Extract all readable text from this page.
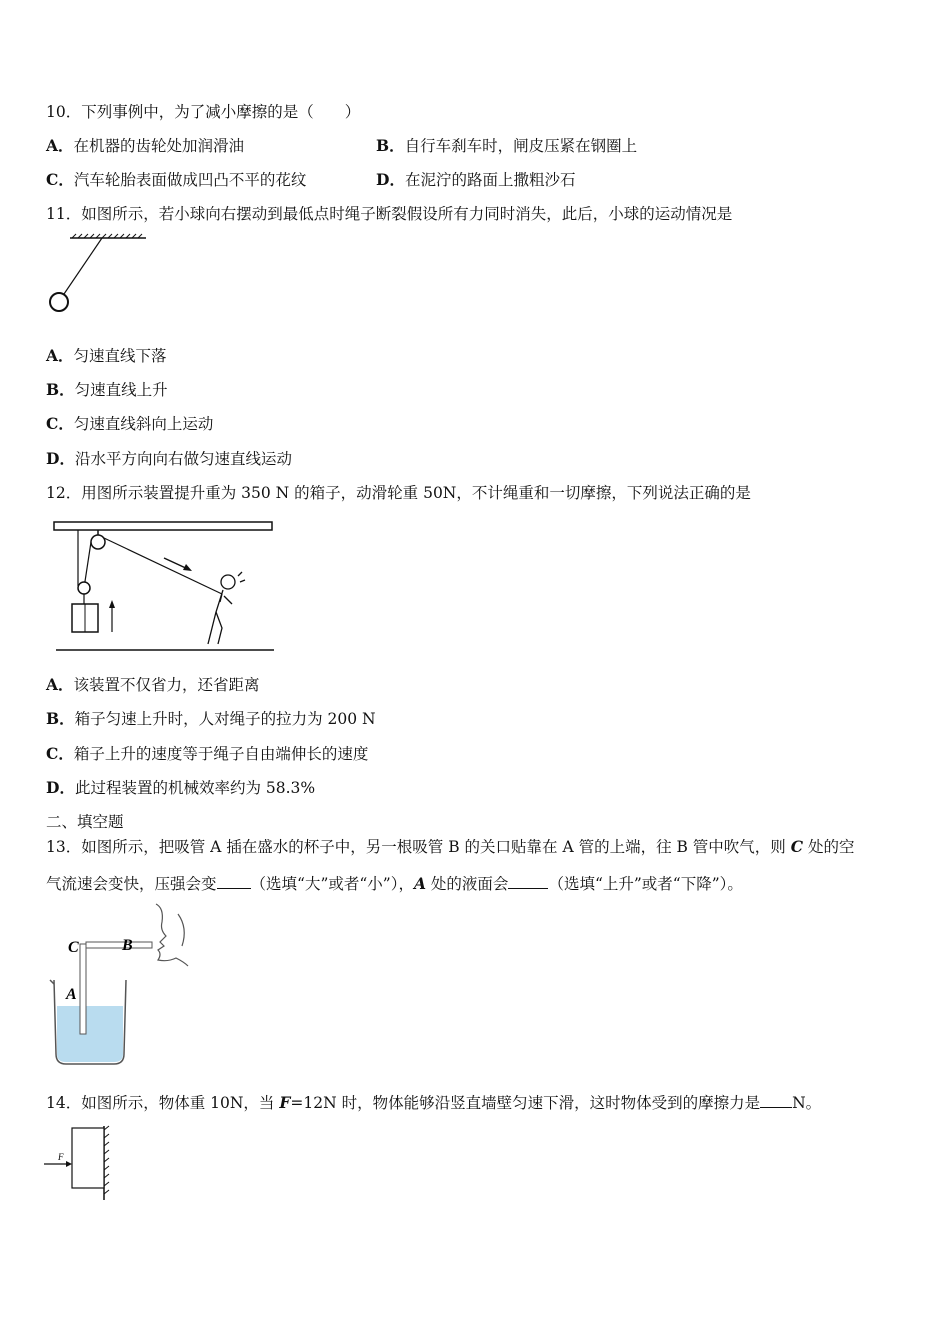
10．下列事例中，为了减小摩擦的是（　　）
A．在机器的齿轮处加润滑油	B．自行车刹车时，闸皮压紧在钢圈上
C．汽车轮胎表面做成凹凸不平的花纹	D．在泥泞的路面上撒粗沙石
11．如图所示，若小球向右摆动到最低点时绳子断裂假设所有力同时消失，此后，小球的运动情况是
A．匀速直线下落
B．匀速直线上升
C．匀速直线斜向上运动
D．沿水平方向向右做匀速直线运动
12．用图所示装置提升重为 350 N 的箱子，动滑轮重 50N，不计绳重和一切摩擦，下列说法正确的是
A．该装置不仅省力，还省距离
B．箱子匀速上升时，人对绳子的拉力为 200 N
C．箱子上升的速度等于绳子自由端伸长的速度
D．此过程装置的机械效率约为 58.3%
二、填空题
13．如图所示，把吸管 A 插在盛水的杯子中，另一根吸管 B 的关口贴靠在 A 管的上端，往 B 管中吹气，则 C 处的空
气流速会变快，压强会变 （选填“大”或者“小”），A 处的液面会	（选填“上升”或者“下降”）。
C	B
A
14．如图所示，物体重 10N，当 F=12N 时，物体能够沿竖直墙壁匀速下滑，这时物体受到的摩擦力是 N。
F
